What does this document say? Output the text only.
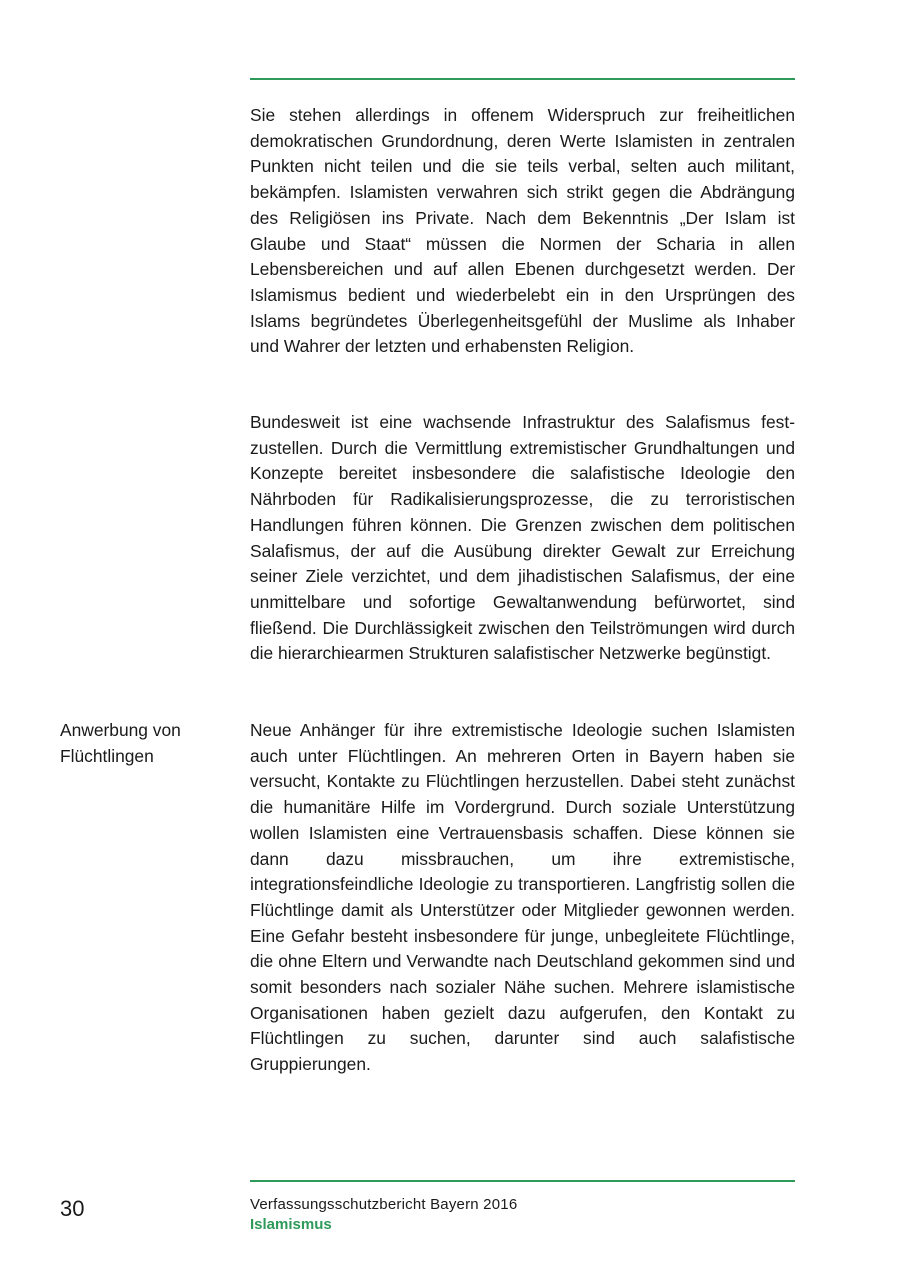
Sie stehen allerdings in offenem Widerspruch zur freiheitlichen demokratischen Grundordnung, deren Werte Islamisten in zentralen Punkten nicht teilen und die sie teils verbal, selten auch militant, bekämpfen. Islamisten verwahren sich strikt gegen die Abdrängung des Religiösen ins Private. Nach dem Bekenntnis „Der Islam ist Glaube und Staat“ müssen die Normen der Scharia in allen Lebensbereichen und auf allen Ebenen durchgesetzt werden. Der Islamismus bedient und wiederbelebt ein in den Ursprüngen des Islams begründetes Überlegenheitsgefühl der Muslime als Inhaber und Wahrer der letzten und erhabensten Religion.

Bundesweit ist eine wachsende Infrastruktur des Salafismus festzustellen. Durch die Vermittlung extremistischer Grundhaltungen und Konzepte bereitet insbesondere die salafistische Ideologie den Nährboden für Radikalisierungsprozesse, die zu terroristischen Handlungen führen können. Die Grenzen zwischen dem politischen Salafismus, der auf die Ausübung direkter Gewalt zur Erreichung seiner Ziele verzichtet, und dem jihadistischen Salafismus, der eine unmittelbare und sofortige Gewaltanwendung befürwortet, sind fließend. Die Durchlässigkeit zwischen den Teilströmungen wird durch die hierarchiearmen Strukturen salafistischer Netzwerke begünstigt.

Anwerbung von Flüchtlingen

Neue Anhänger für ihre extremistische Ideologie suchen Islamisten auch unter Flüchtlingen. An mehreren Orten in Bayern haben sie versucht, Kontakte zu Flüchtlingen herzustellen. Dabei steht zunächst die humanitäre Hilfe im Vordergrund. Durch soziale Unterstützung wollen Islamisten eine Vertrauensbasis schaffen. Diese können sie dann dazu missbrauchen, um ihre extremistische, integrationsfeindliche Ideologie zu transportieren. Langfristig sollen die Flüchtlinge damit als Unterstützer oder Mitglieder gewonnen werden. Eine Gefahr besteht insbesondere für junge, unbegleitete Flüchtlinge, die ohne Eltern und Verwandte nach Deutschland gekommen sind und somit besonders nach sozialer Nähe suchen. Mehrere islamistische Organisationen haben gezielt dazu aufgerufen, den Kontakt zu Flüchtlingen zu suchen, darunter sind auch salafistische Gruppierungen.

30	Verfassungsschutzbericht Bayern 2016
Islamismus
